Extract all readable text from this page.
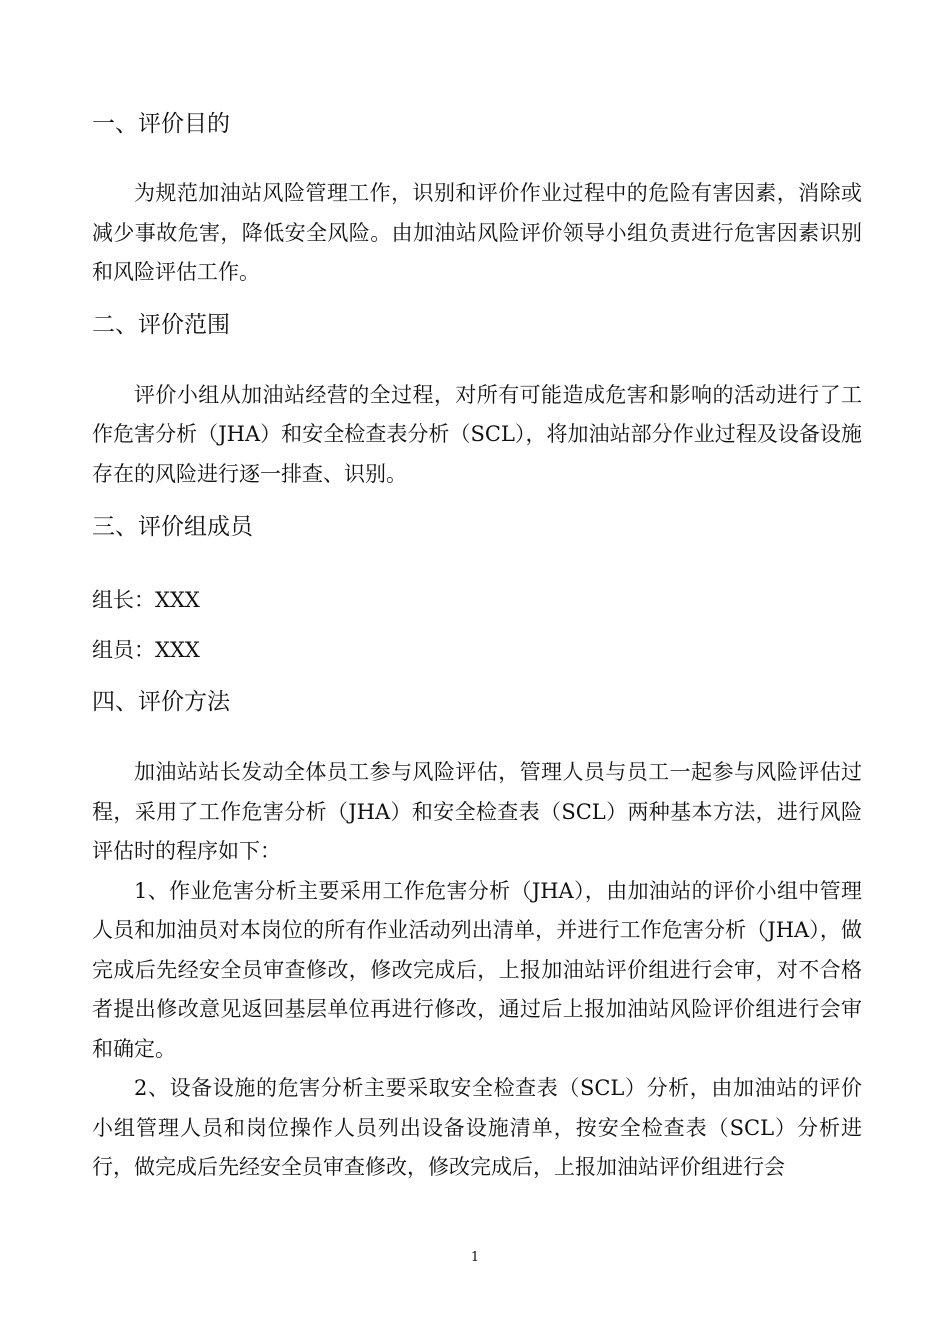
一、评价目的

为规范加油站风险管理工作，识别和评价作业过程中的危险有害因素，消除或减少事故危害，降低安全风险。由加油站风险评价领导小组负责进行危害因素识别和风险评估工作。

二、评价范围

评价小组从加油站经营的全过程，对所有可能造成危害和影响的活动进行了工作危害分析（JHA）和安全检查表分析（SCL），将加油站部分作业过程及设备设施存在的风险进行逐一排查、识别。

三、评价组成员

组长：XXX

组员：XXX

四、评价方法

加油站站长发动全体员工参与风险评估，管理人员与员工一起参与风险评估过程，采用了工作危害分析（JHA）和安全检查表（SCL）两种基本方法，进行风险评估时的程序如下：

1、作业危害分析主要采用工作危害分析（JHA），由加油站的评价小组中管理人员和加油员对本岗位的所有作业活动列出清单，并进行工作危害分析（JHA），做完成后先经安全员审查修改，修改完成后，上报加油站评价组进行会审，对不合格者提出修改意见返回基层单位再进行修改，通过后上报加油站风险评价组进行会审和确定。

2、设备设施的危害分析主要采取安全检查表（SCL）分析，由加油站的评价小组管理人员和岗位操作人员列出设备设施清单，按安全检查表（SCL）分析进行，做完成后先经安全员审查修改，修改完成后，上报加油站评价组进行会

1
